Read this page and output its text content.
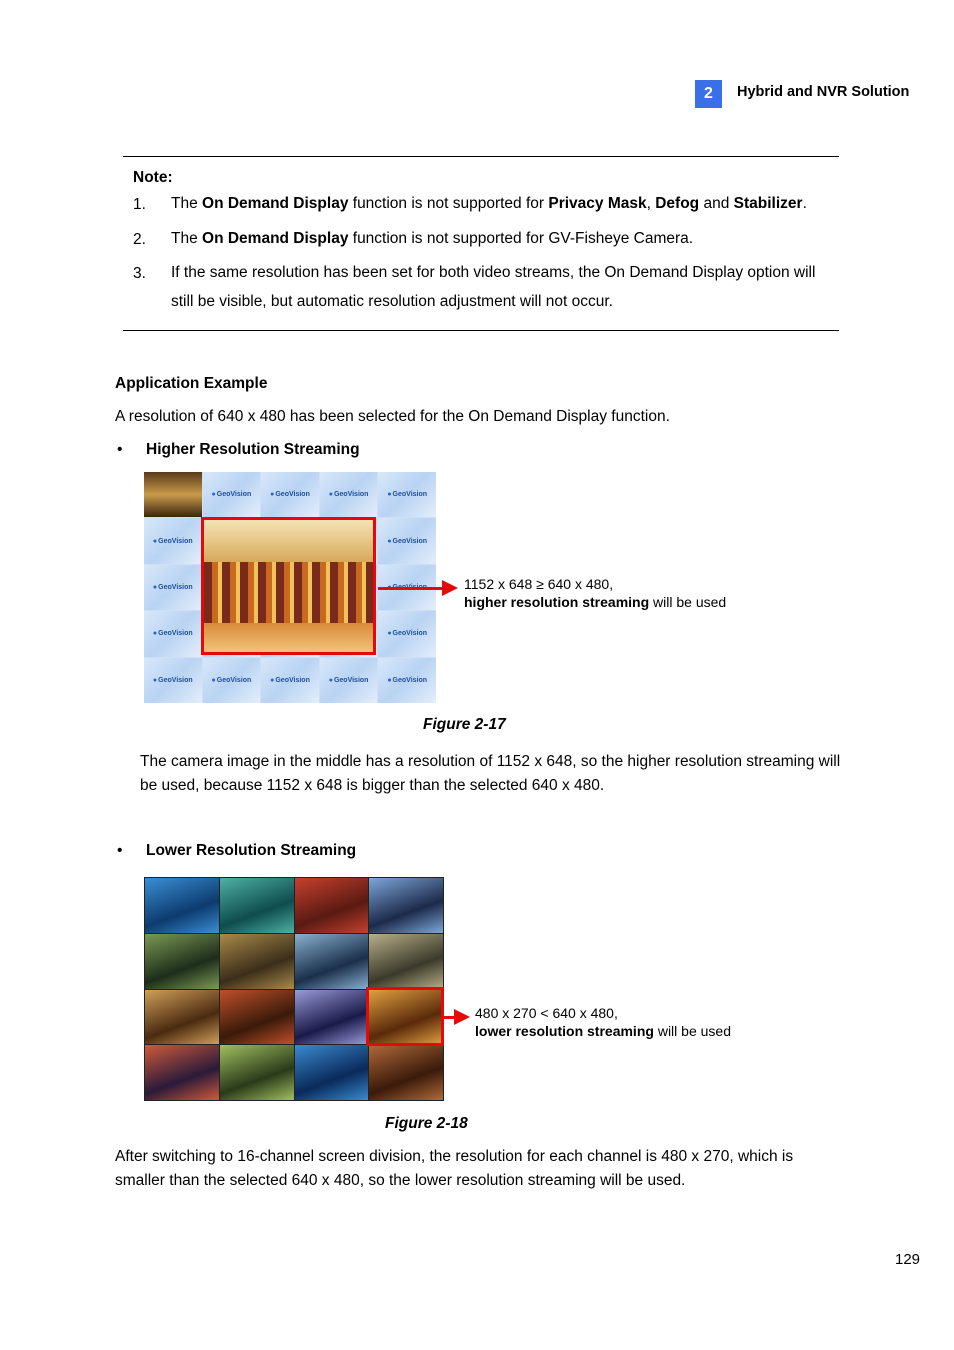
2	Hybrid and NVR Solution
Note:
1. The On Demand Display function is not supported for Privacy Mask, Defog and Stabilizer.
2. The On Demand Display function is not supported for GV-Fisheye Camera.
3. If the same resolution has been set for both video streams, the On Demand Display option will still be visible, but automatic resolution adjustment will not occur.
Application Example
A resolution of 640 x 480 has been selected for the On Demand Display function.
• Higher Resolution Streaming
● GeoVision	● GeoVision	● GeoVision	● GeoVision
● GeoVision ● ● ●	● GeoVision
● GeoVision ● ● ●	● GeoVision
● GeoVision ● ● ●	● GeoVision
● GeoVision	● GeoVision	● GeoVision	● GeoVision	● GeoVision
1152 x 648 ≥ 640 x 480,
higher resolution streaming will be used
Figure 2-17
The camera image in the middle has a resolution of 1152 x 648, so the higher resolution streaming will be used, because 1152 x 648 is bigger than the selected 640 x 480.
• Lower Resolution Streaming
480 x 270 < 640 x 480,
lower resolution streaming will be used
Figure 2-18
After switching to 16-channel screen division, the resolution for each channel is 480 x 270, which is smaller than the selected 640 x 480, so the lower resolution streaming will be used.
129
